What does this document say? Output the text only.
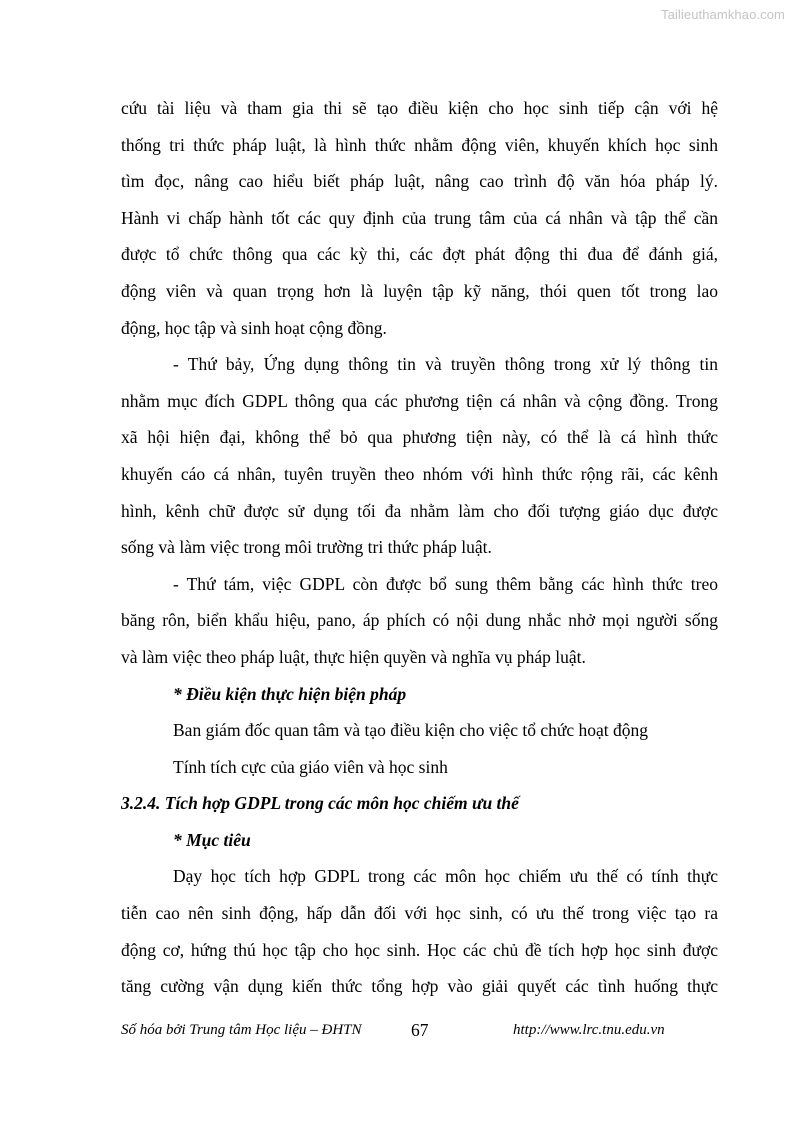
Tailieuthamkhao.com
cứu tài liệu và tham gia thi sẽ tạo điều kiện cho học sinh tiếp cận với hệ
thống tri thức pháp luật, là hình thức nhằm động viên, khuyến khích học sinh
tìm đọc, nâng cao hiểu biết pháp luật, nâng cao trình độ văn hóa pháp lý.
Hành vi chấp hành tốt các quy định của trung tâm của cá nhân và tập thể cần
được tổ chức thông qua các kỳ thi, các đợt phát động thi đua để đánh giá,
động viên và quan trọng hơn là luyện tập kỹ năng, thói quen tốt trong lao
động, học tập và sinh hoạt cộng đồng.
- Thứ bảy, Ứng dụng thông tin và truyền thông trong xử lý thông tin
nhằm mục đích GDPL thông qua các phương tiện cá nhân và cộng đồng. Trong
xã hội hiện đại, không thể bỏ qua phương tiện này, có thể là cá hình thức
khuyến cáo cá nhân, tuyên truyền theo nhóm với hình thức rộng rãi, các kênh
hình, kênh chữ được sử dụng tối đa nhằm làm cho đối tượng giáo dục được
sống và làm việc trong môi trường tri thức pháp luật.
- Thứ tám, việc GDPL còn được bổ sung thêm bằng các hình thức treo
băng rôn, biển khẩu hiệu, pano, áp phích có nội dung nhắc nhở mọi người sống
và làm việc theo pháp luật, thực hiện quyền và nghĩa vụ pháp luật.
* Điều kiện thực hiện biện pháp
Ban giám đốc quan tâm và tạo điều kiện cho việc tổ chức hoạt động
Tính tích cực của giáo viên và học sinh
3.2.4. Tích hợp GDPL trong các môn học chiếm ưu thế
* Mục tiêu
Dạy học tích hợp GDPL trong các môn học chiếm ưu thế có tính thực
tiễn cao nên sinh động, hấp dẫn đối với học sinh, có ưu thế trong việc tạo ra
động cơ, hứng thú học tập cho học sinh. Học các chủ đề tích hợp học sinh được
tăng cường vận dụng kiến thức tổng hợp vào giải quyết các tình huống thực
Số hóa bởi Trung tâm Học liệu – ĐHTN	67	http://www.lrc.tnu.edu.vn
